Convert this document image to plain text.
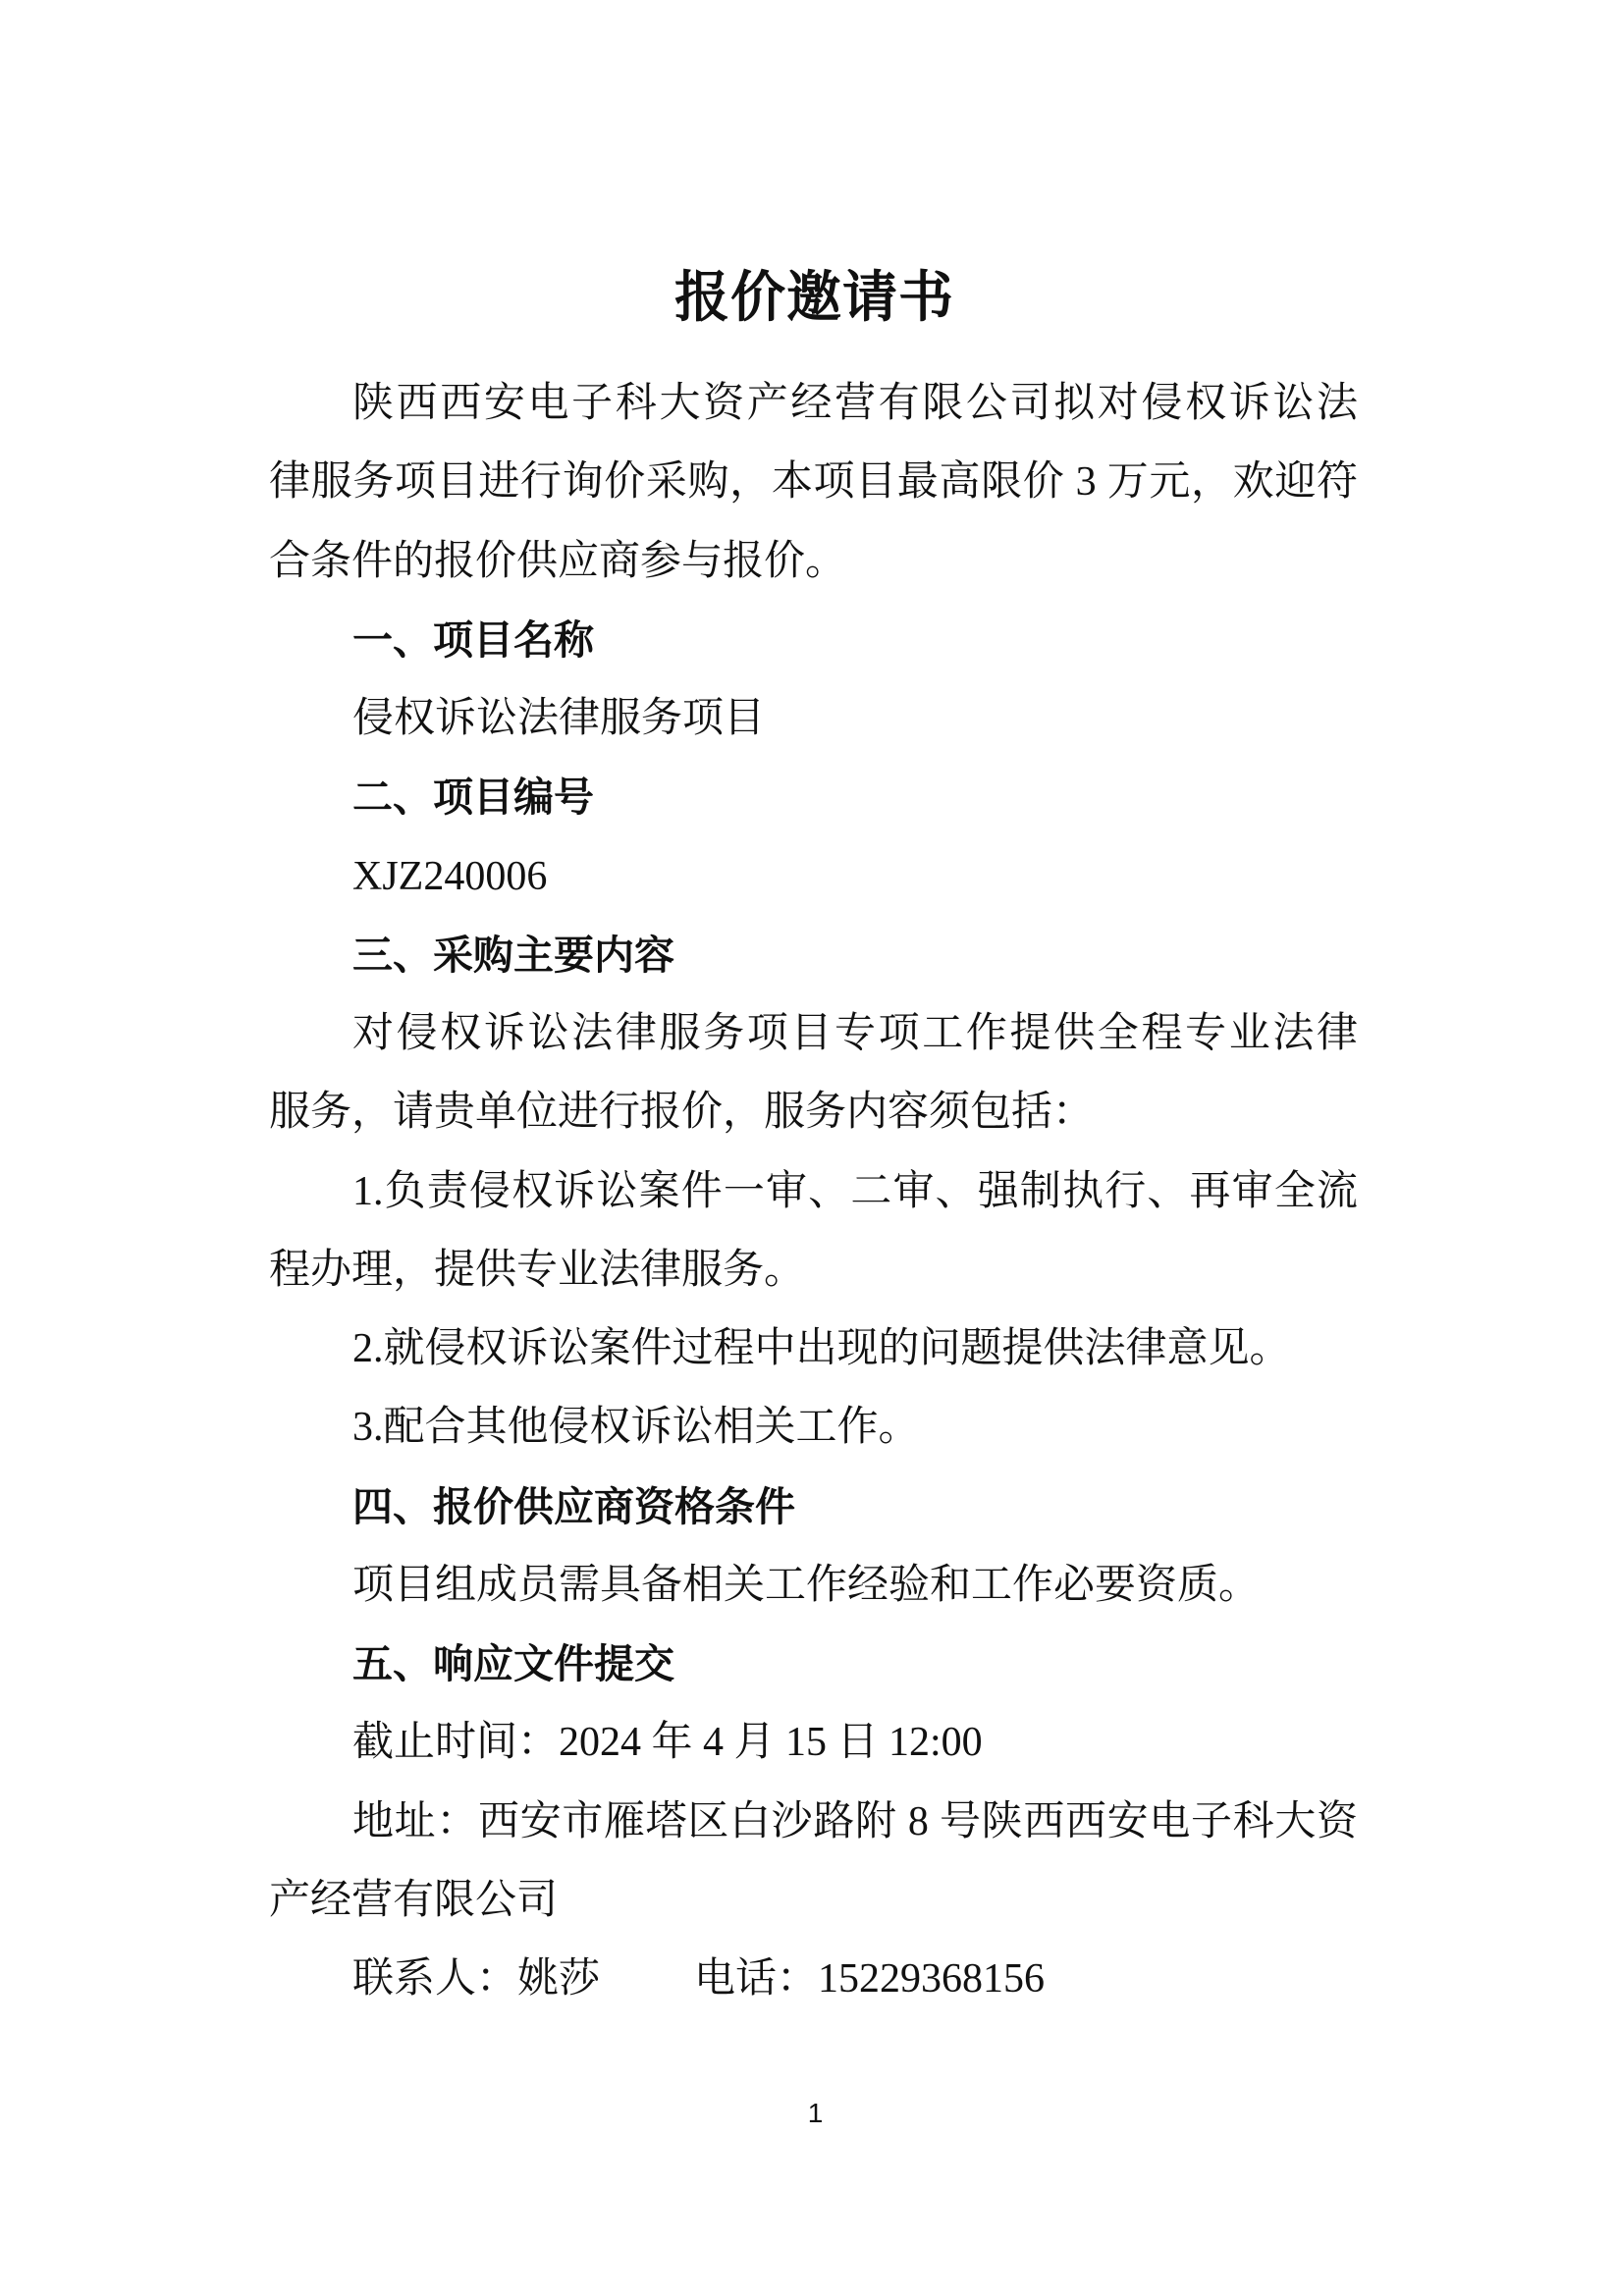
报价邀请书
陕西西安电子科大资产经营有限公司拟对侵权诉讼法
律服务项目进行询价采购，本项目最高限价 3 万元，欢迎符
合条件的报价供应商参与报价。
一、项目名称
侵权诉讼法律服务项目
二、项目编号
XJZ240006
三、采购主要内容
对侵权诉讼法律服务项目专项工作提供全程专业法律
服务，请贵单位进行报价，服务内容须包括：
1.负责侵权诉讼案件一审、二审、强制执行、再审全流
程办理，提供专业法律服务。
2.就侵权诉讼案件过程中出现的问题提供法律意见。
3.配合其他侵权诉讼相关工作。
四、报价供应商资格条件
项目组成员需具备相关工作经验和工作必要资质。
五、响应文件提交
截止时间：2024 年 4 月 15 日 12:00
地址：西安市雁塔区白沙路附 8 号陕西西安电子科大资
产经营有限公司
联系人：姚莎 电话：15229368156
1
